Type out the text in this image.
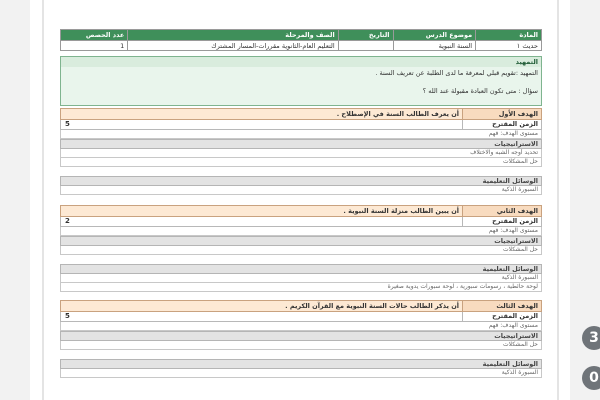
المادة	موضوع الدرس	التاريخ	الصف والمرحلة	عدد الحصص
حديث ١	السنة النبوية		التعليم العام-الثانوية مقررات-المسار المشترك	1
التمهيد
التمهيد :تقويم قبلي لمعرفة ما لدى الطلبة عن تعريف السنة .
سؤال : متى تكون العبادة مقبولة عند الله ؟
الهدف الأول
أن يعرف الطالب السنة في الإصطلاح .
الزمن المقترح
5
مستوى الهدف: فهم
الاستراتيجيات
تحديد أوجه الشبه والاختلاف
حل المشكلات
الوسائل التعليمية
السبورة الذكية
الهدف الثاني
أن يبين الطالب منزلة السنة النبوية .
الزمن المقترح
2
مستوى الهدف: فهم
الاستراتيجيات
حل المشكلات
الوسائل التعليمية
السبورة الذكية
لوحة حائطية ، رسومات سبورية ، لوحة سبورات يدوية صغيرة
الهدف الثالث
أن يذكر الطالب حالات السنة النبوية مع القرآن الكريم .
الزمن المقترح
5
مستوى الهدف: فهم
الاستراتيجيات
حل المشكلات
الوسائل التعليمية
السبورة الذكية
3
0
